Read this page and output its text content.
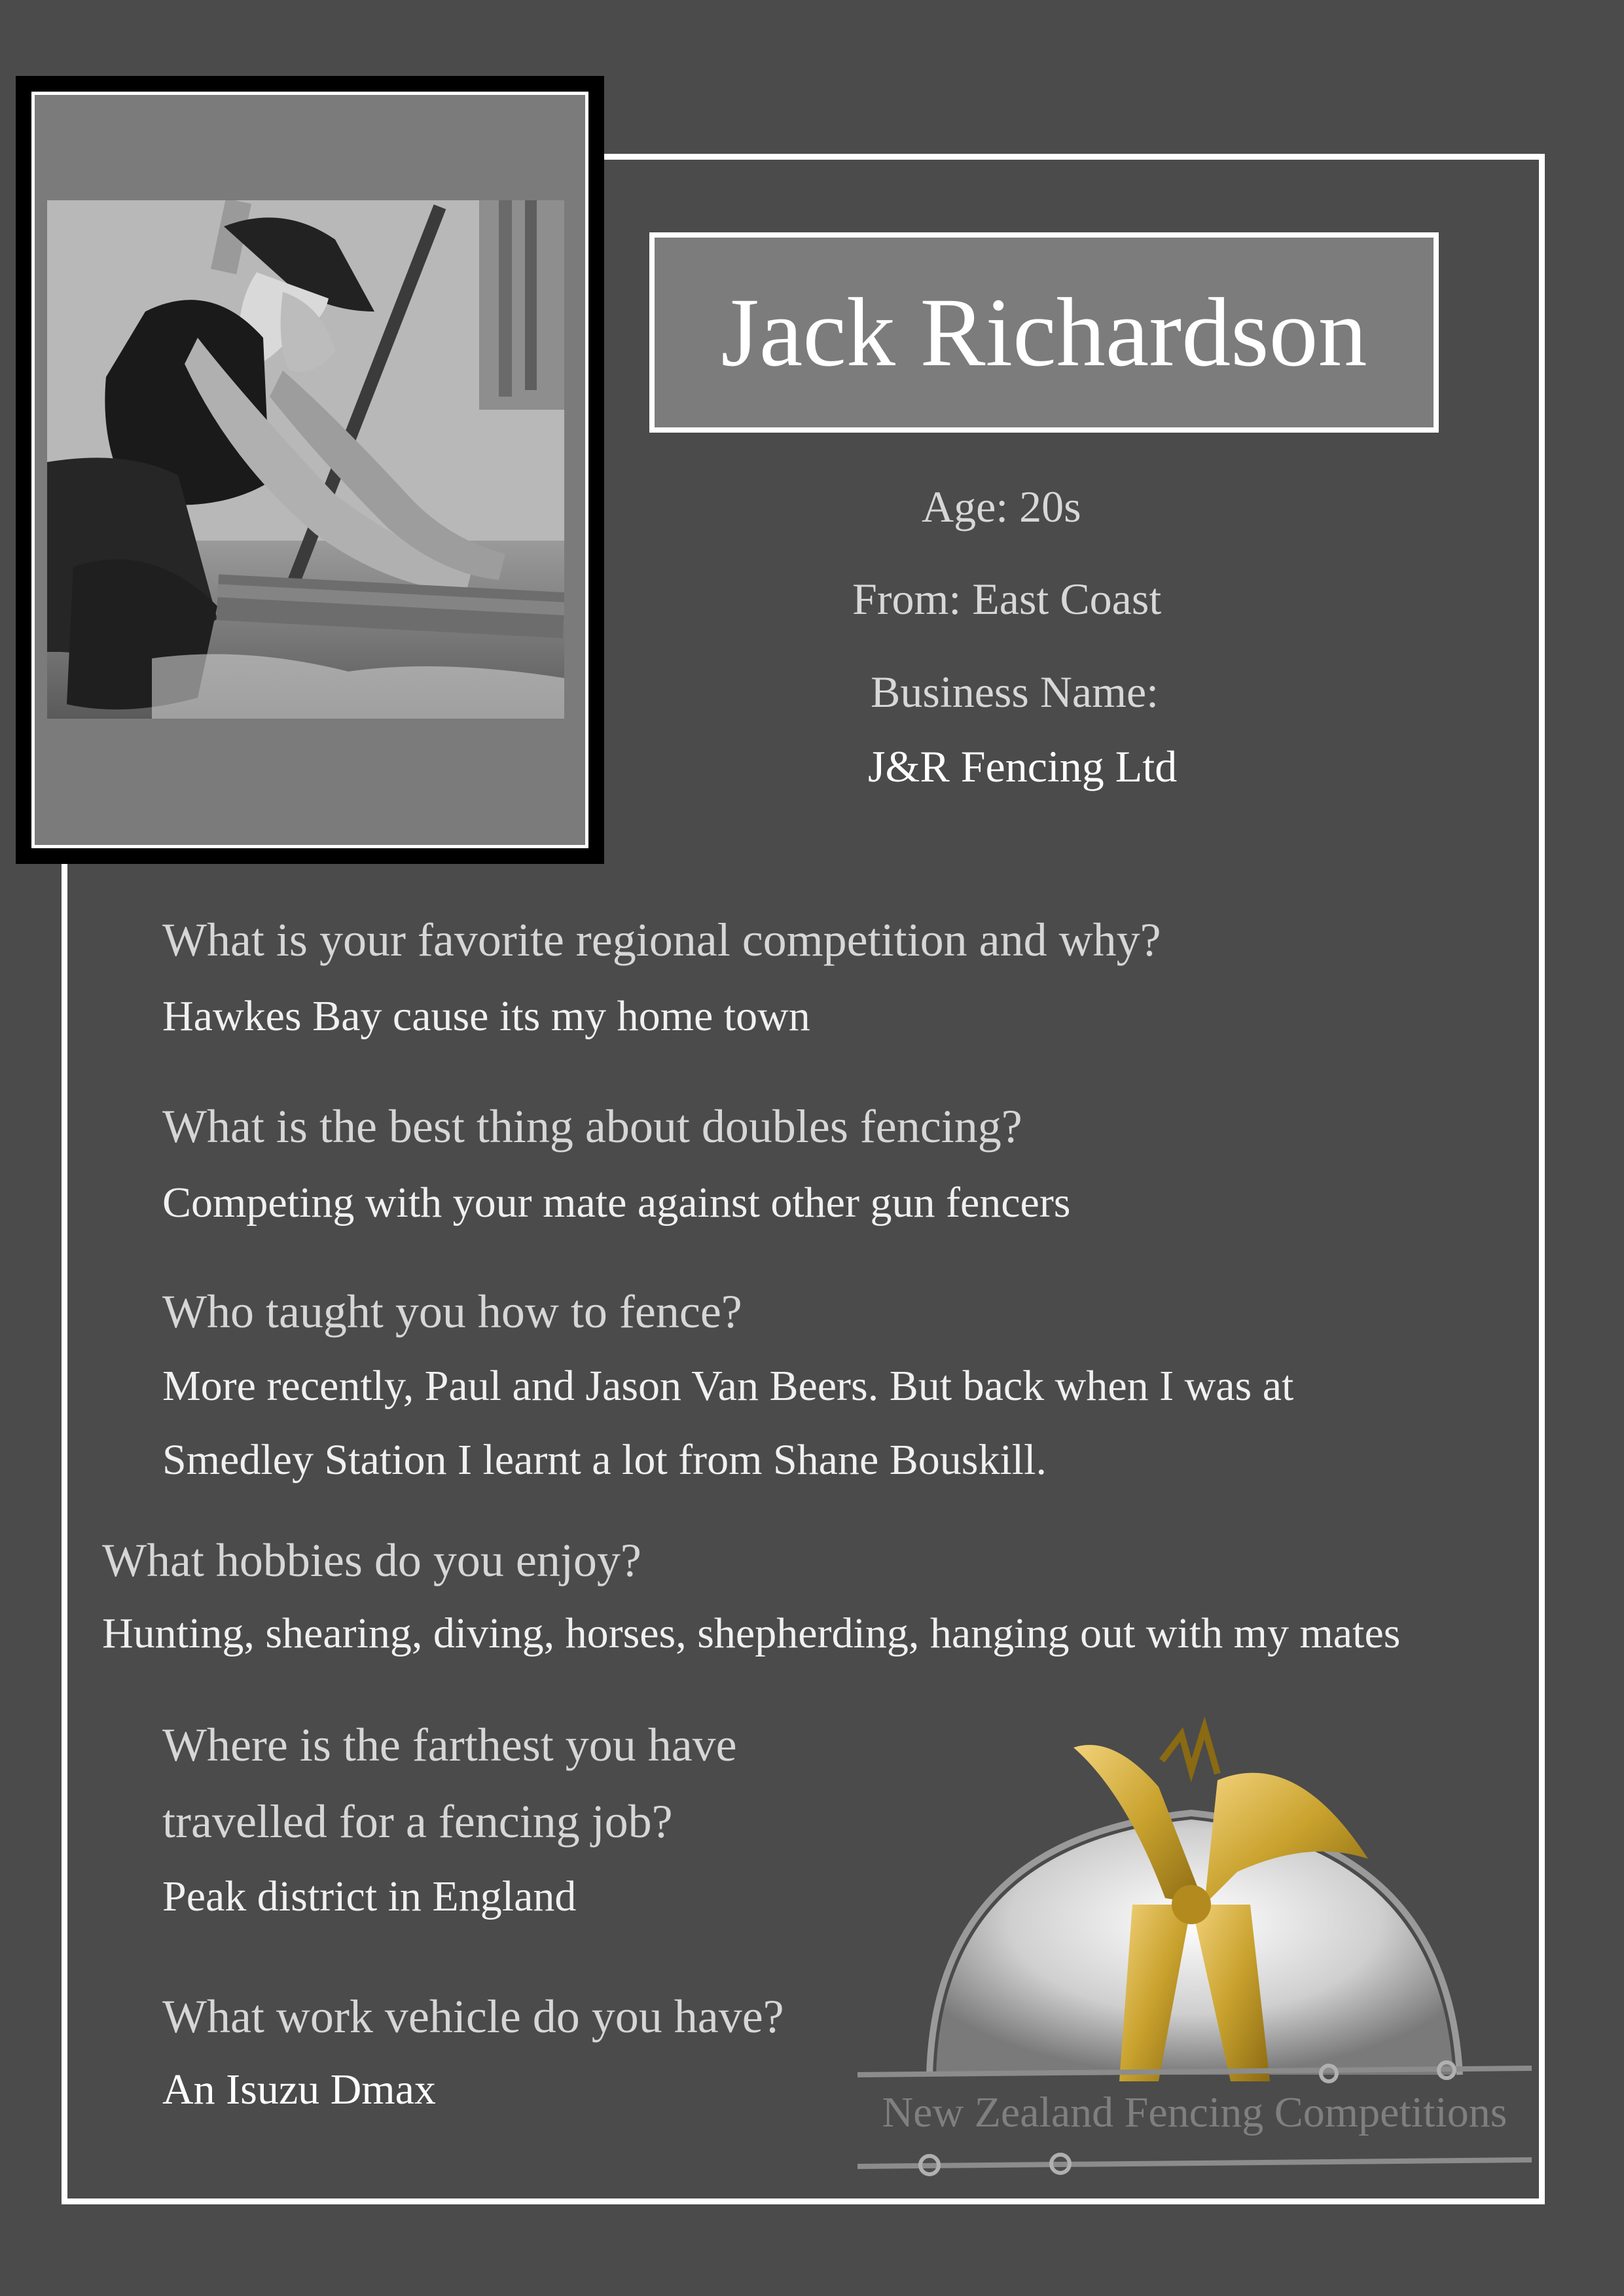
Jack Richardson
Age: 20s
From: East Coast
Business Name:
J&R Fencing Ltd
What is your favorite regional competition and why?
Hawkes Bay cause its my home town
What is the best thing about doubles fencing?
Competing with your mate against other gun fencers
Who taught you how to fence?
More recently, Paul and Jason Van Beers. But back when I was at
Smedley Station I learnt a lot from Shane Bouskill.
What hobbies do you enjoy?
Hunting, shearing, diving, horses, shepherding, hanging out with my mates
Where is the farthest you have
travelled for a fencing job?
Peak district in England
What work vehicle do you have?
An Isuzu Dmax	New Zealand Fencing Competitions
